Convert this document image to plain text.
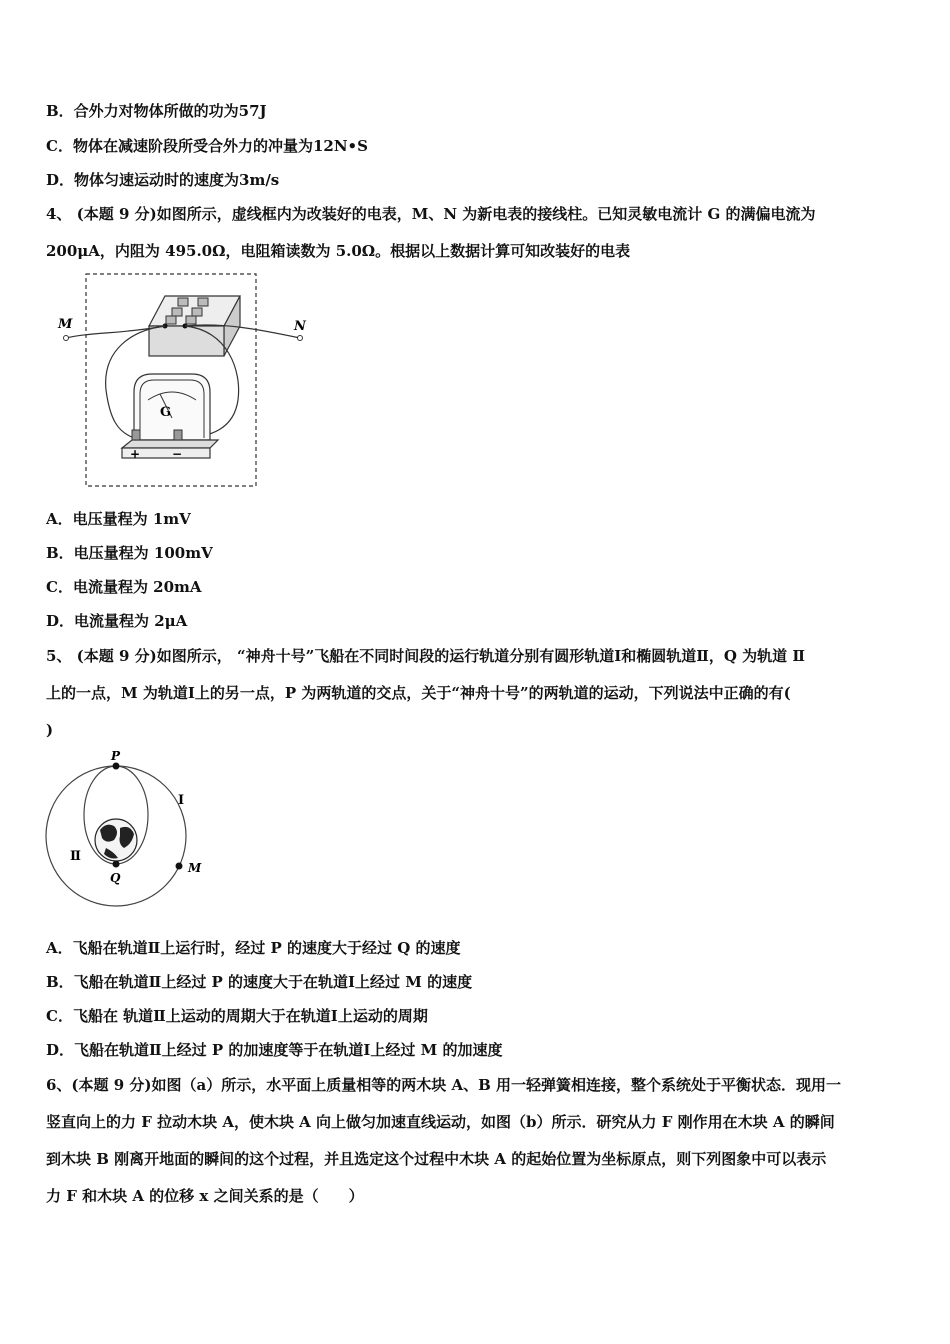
B．合外力对物体所做的功为57J
C．物体在减速阶段所受合外力的冲量为12N•S
D．物体匀速运动时的速度为3m/s
4、 (本题 9 分)如图所示，虚线框内为改装好的电表，M、N 为新电表的接线柱。已知灵敏电流计 G 的满偏电流为
200μA，内阻为 495.0Ω，电阻箱读数为 5.0Ω。根据以上数据计算可知改装好的电表
M	N
G
+	−
A．电压量程为 1mV
B．电压量程为 100mV
C．电流量程为 20mA
D．电流量程为 2μA
5、 (本题 9 分)如图所示， “神舟十号”飞船在不同时间段的运行轨道分别有圆形轨道Ⅰ和椭圆轨道Ⅱ，Q 为轨道 Ⅱ
上的一点，M 为轨道Ⅰ上的另一点，P 为两轨道的交点，关于“神舟十号”的两轨道的运动，下列说法中正确的有(
)
P
Q
M
Ⅰ
Ⅱ
A．飞船在轨道Ⅱ上运行时，经过 P 的速度大于经过 Q 的速度
B．飞船在轨道Ⅱ上经过 P 的速度大于在轨道Ⅰ上经过 M 的速度
C．飞船在 轨道Ⅱ上运动的周期大于在轨道Ⅰ上运动的周期
D．飞船在轨道Ⅱ上经过 P 的加速度等于在轨道Ⅰ上经过 M 的加速度
6、(本题 9 分)如图（a）所示，水平面上质量相等的两木块 A、B 用一轻弹簧相连接，整个系统处于平衡状态．现用一
竖直向上的力 F 拉动木块 A，使木块 A 向上做匀加速直线运动，如图（b）所示．研究从力 F 刚作用在木块 A 的瞬间
到木块 B 刚离开地面的瞬间的这个过程，并且选定这个过程中木块 A 的起始位置为坐标原点，则下列图象中可以表示
力 F 和木块 A 的位移 x 之间关系的是（　　）
